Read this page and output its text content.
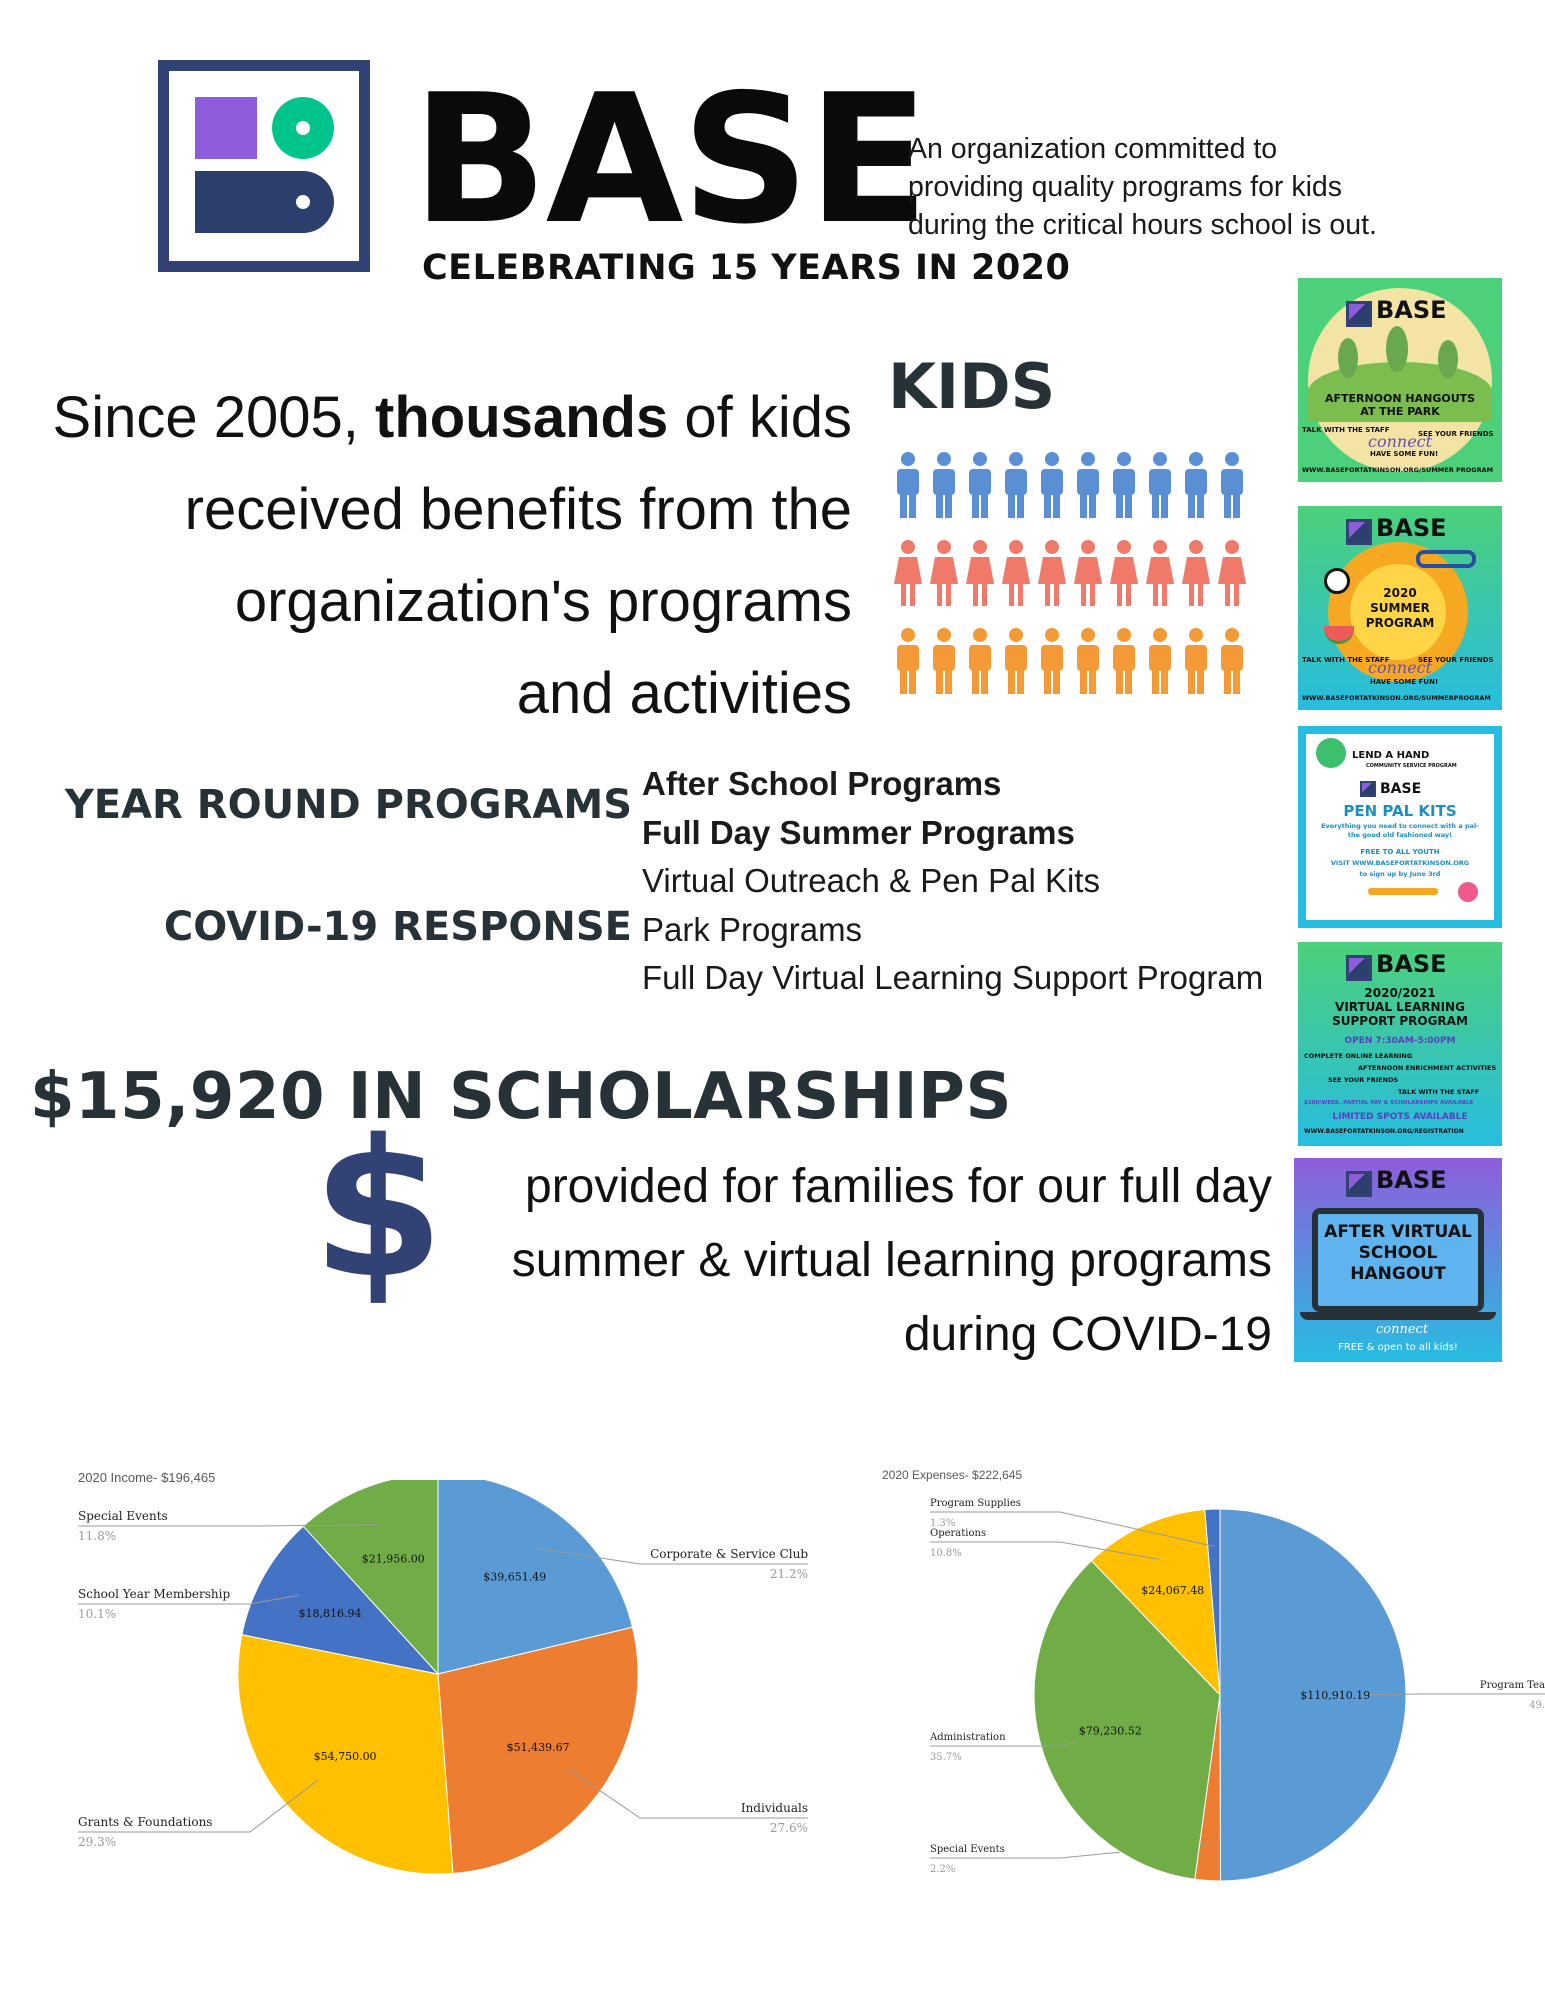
BASE
An organization committed to
providing quality programs for kids
during the critical hours school is out.
CELEBRATING 15 YEARS IN 2020
Since 2005, thousands of kids
received benefits from the
organization's programs
and activities
KIDS
YEAR ROUND PROGRAMS
COVID-19 RESPONSE
After School Programs
Full Day Summer Programs
Virtual Outreach & Pen Pal Kits
Park Programs
Full Day Virtual Learning Support Program
$15,920 IN SCHOLARSHIPS
$	provided for families for our full day
summer & virtual learning programs
during COVID-19
BASE
AFTERNOON HANGOUTS
AT THE PARK
TALK WITH THE STAFF	SEE YOUR FRIENDS
connect
HAVE SOME FUN!
WWW.BASEFORTATKINSON.ORG/SUMMER PROGRAM
BASE
2020
SUMMER
PROGRAM
TALK WITH THE STAFF	SEE YOUR FRIENDS
connect
HAVE SOME FUN!
WWW.BASEFORTATKINSON.ORG/SUMMERPROGRAM
LEND A HAND
COMMUNITY SERVICE PROGRAM
BASE
PEN PAL KITS
Everything you need to connect with a pal- the good old fashioned way!
FREE TO ALL YOUTH
VISIT WWW.BASEFORTATKINSON.ORG
to sign up by June 3rd
BASE
2020/2021
VIRTUAL LEARNING
SUPPORT PROGRAM
OPEN 7:30AM-5:00PM
COMPLETE ONLINE LEARNING
AFTERNOON ENRICHMENT ACTIVITIES
SEE YOUR FRIENDS
TALK WITH THE STAFF
$100/WEEK. PARTIAL PAY & SCHOLARSHIPS AVAILABLE
LIMITED SPOTS AVAILABLE
WWW.BASEFORTATKINSON.ORG/REGISTRATION
BASE
AFTER VIRTUAL
SCHOOL
HANGOUT
connect
FREE & open to all kids!
2020 Income- $196,465
$39,651.49
Corporate & Service Club
21.2%
$51,439.67
Individuals
27.6%
$54,750.00
Grants & Foundations
29.3%
$18,816.94
School Year Membership
10.1%
$21,956.00
Special Events
11.8%
2020 Expenses- $222,645
$110,910.19
Program Tea
49.
Special Events
2.2%
$79,230.52
Administration
35.7%
$24,067.48
Operations
10.8%
Program Supplies
1.3%
